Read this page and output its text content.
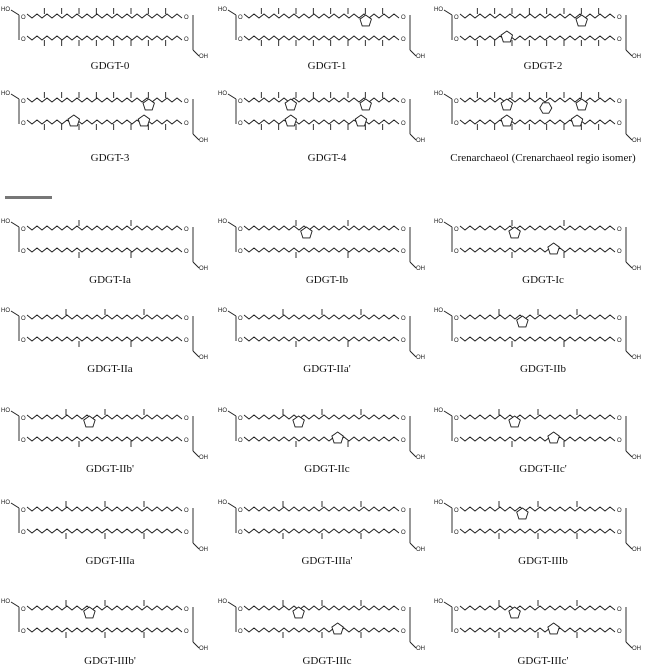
HO
O
O
OH
O
O
GDGT-0
HO
O
O
OH
O
O
GDGT-1
HO
O
O
OH
O
O
GDGT-2
HO
O
O
OH
O
O
GDGT-3
HO
O
O
OH
O
O
GDGT-4
HO
O
O
OH
O
O
Crenarchaeol (Crenarchaeol regio isomer)
HO
O
O
OH
O
O
GDGT-Ia
HO
O
O
OH
O
O
GDGT-Ib
HO
O
O
OH
O
O
GDGT-Ic
HO
O
O
OH
O
O
GDGT-IIa
HO
O
O
OH
O
O
GDGT-IIa'
HO
O
O
OH
O
O
GDGT-IIb
HO
O
O
OH
O
O
GDGT-IIb'
HO
O
O
OH
O
O
GDGT-IIc
HO
O
O
OH
O
O
GDGT-IIc'
HO
O
O
OH
O
O
GDGT-IIIa
HO
O
O
OH
O
O
GDGT-IIIa'
HO
O
O
OH
O
O
GDGT-IIIb
HO
O
O
OH
O
O
GDGT-IIIb'
HO
O
O
OH
O
O
GDGT-IIIc
HO
O
O
OH
O
O
GDGT-IIIc'
